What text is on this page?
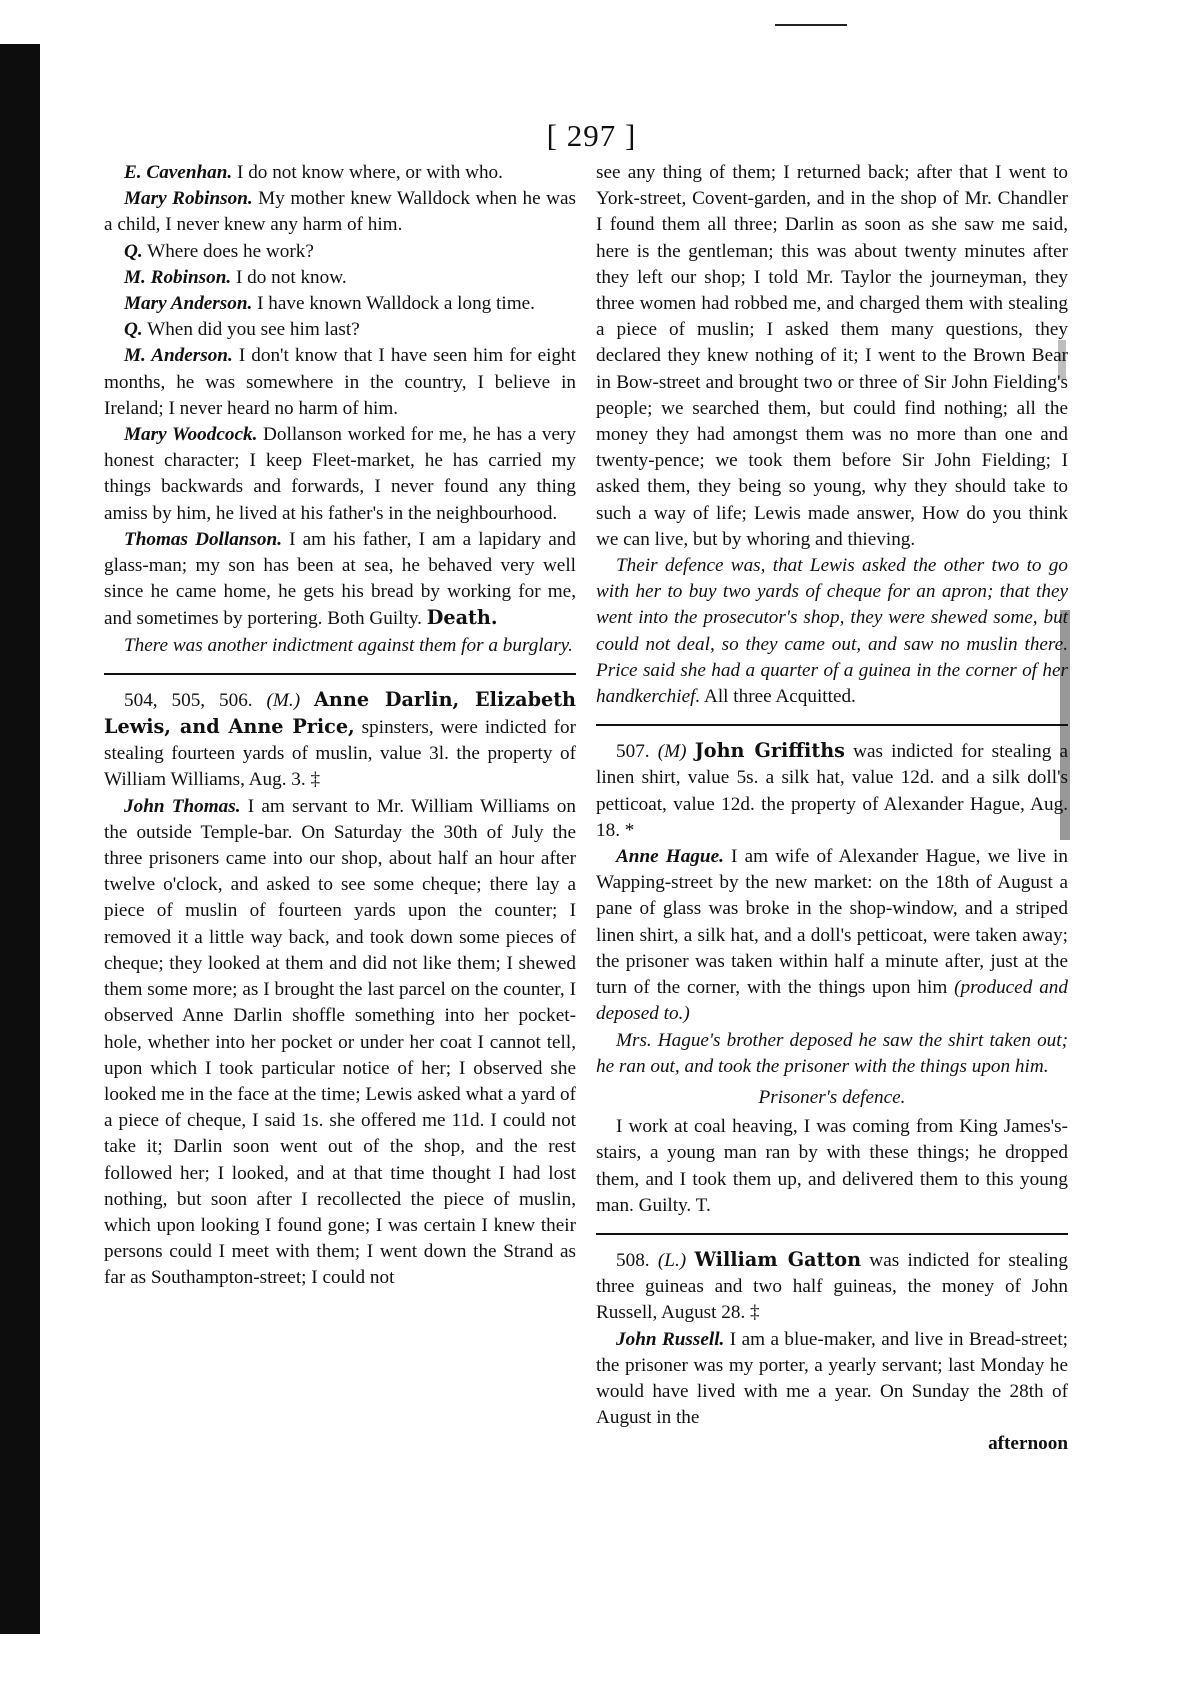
[ 297 ]

E. Cavenhan. I do not know where, or with who.

Mary Robinson. My mother knew Walldock when he was a child, I never knew any harm of him.

Q. Where does he work?

M. Robinson. I do not know.

Mary Anderson. I have known Walldock a long time.

Q. When did you see him last?

M. Anderson. I don't know that I have seen him for eight months, he was somewhere in the country, I believe in Ireland; I never heard no harm of him.

Mary Woodcock. Dollanson worked for me, he has a very honest character; I keep Fleet-market, he has carried my things backwards and forwards, I never found any thing amiss by him, he lived at his father's in the neighbourhood.

Thomas Dollanson. I am his father, I am a lapidary and glass-man; my son has been at sea, he behaved very well since he came home, he gets his bread by working for me, and sometimes by portering. Both Guilty. Death.

There was another indictment against them for a burglary.

504, 505, 506. (M.) Anne Darlin, Elizabeth Lewis, and Anne Price, spinsters, were indicted for stealing fourteen yards of muslin, value 3l. the property of William Williams, Aug. 3. ‡

John Thomas. I am servant to Mr. William Williams on the outside Temple-bar. On Saturday the 30th of July the three prisoners came into our shop, about half an hour after twelve o'clock, and asked to see some cheque; there lay a piece of muslin of fourteen yards upon the counter; I removed it a little way back, and took down some pieces of cheque; they looked at them and did not like them; I shewed them some more; as I brought the last parcel on the counter, I observed Anne Darlin shoffle something into her pocket-hole, whether into her pocket or under her coat I cannot tell, upon which I took particular notice of her; I observed she looked me in the face at the time; Lewis asked what a yard of a piece of cheque, I said 1s. she offered me 11d. I could not take it; Darlin soon went out of the shop, and the rest followed her; I looked, and at that time thought I had lost nothing, but soon after I recollected the piece of muslin, which upon looking I found gone; I was certain I knew their persons could I meet with them; I went down the Strand as far as Southampton-street; I could not

see any thing of them; I returned back; after that I went to York-street, Covent-garden, and in the shop of Mr. Chandler I found them all three; Darlin as soon as she saw me said, here is the gentleman; this was about twenty minutes after they left our shop; I told Mr. Taylor the journeyman, they three women had robbed me, and charged them with stealing a piece of muslin; I asked them many questions, they declared they knew nothing of it; I went to the Brown Bear in Bow-street and brought two or three of Sir John Fielding's people; we searched them, but could find nothing; all the money they had amongst them was no more than one and twenty-pence; we took them before Sir John Fielding; I asked them, they being so young, why they should take to such a way of life; Lewis made answer, How do you think we can live, but by whoring and thieving.

Their defence was, that Lewis asked the other two to go with her to buy two yards of cheque for an apron; that they went into the prosecutor's shop, they were shewed some, but could not deal, so they came out, and saw no muslin there. Price said she had a quarter of a guinea in the corner of her handkerchief. All three Acquitted.

507. (M) John Griffiths was indicted for stealing a linen shirt, value 5s. a silk hat, value 12d. and a silk doll's petticoat, value 12d. the property of Alexander Hague, Aug. 18. *

Anne Hague. I am wife of Alexander Hague, we live in Wapping-street by the new market: on the 18th of August a pane of glass was broke in the shop-window, and a striped linen shirt, a silk hat, and a doll's petticoat, were taken away; the prisoner was taken within half a minute after, just at the turn of the corner, with the things upon him (produced and deposed to.)

Mrs. Hague's brother deposed he saw the shirt taken out; he ran out, and took the prisoner with the things upon him.

Prisoner's defence.

I work at coal heaving, I was coming from King James's-stairs, a young man ran by with these things; he dropped them, and I took them up, and delivered them to this young man. Guilty. T.

508. (L.) William Gatton was indicted for stealing three guineas and two half guineas, the money of John Russell, August 28. ‡

John Russell. I am a blue-maker, and live in Bread-street; the prisoner was my porter, a yearly servant; last Monday he would have lived with me a year. On Sunday the 28th of August in the

afternoon
